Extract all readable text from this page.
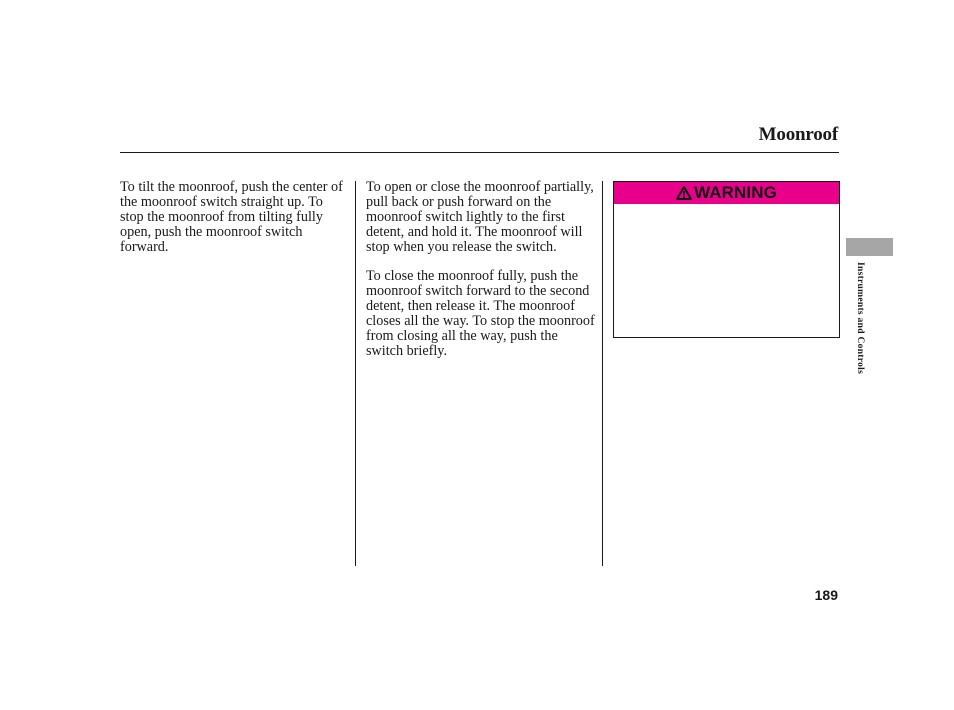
Moonroof

To tilt the moonroof, push the center of the moonroof switch straight up. To stop the moonroof from tilting fully open, push the moonroof switch forward.

To open or close the moonroof partially, pull back or push forward on the moonroof switch lightly to the first detent, and hold it. The moonroof will stop when you release the switch.

To close the moonroof fully, push the moonroof switch forward to the second detent, then release it. The moonroof closes all the way. To stop the moonroof from closing all the way, push the switch briefly.

WARNING
Instruments and Controls
189
